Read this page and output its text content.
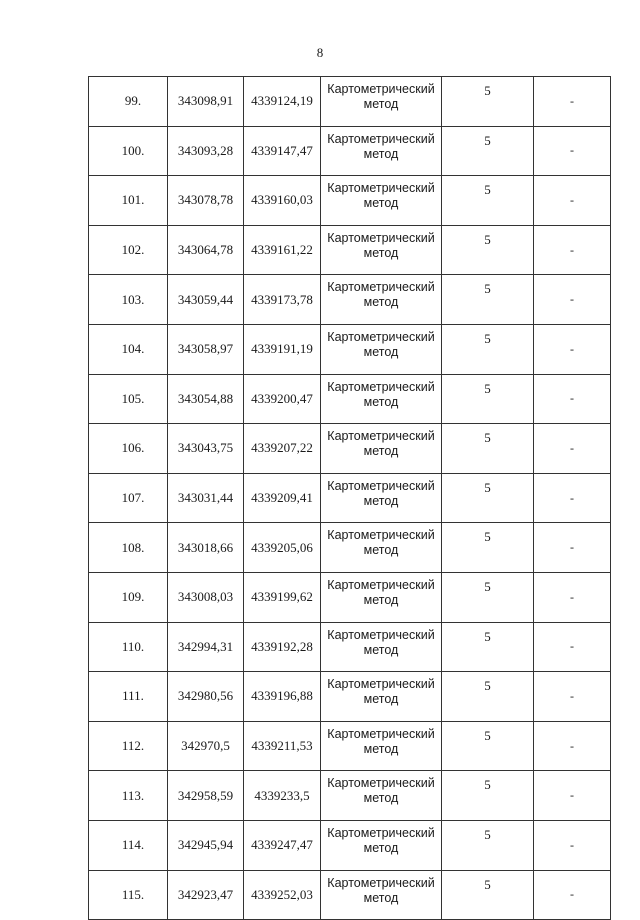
8
99.	343098,91	4339124,19	Картометрический метод	5	-
100.	343093,28	4339147,47	Картометрический метод	5	-
101.	343078,78	4339160,03	Картометрический метод	5	-
102.	343064,78	4339161,22	Картометрический метод	5	-
103.	343059,44	4339173,78	Картометрический метод	5	-
104.	343058,97	4339191,19	Картометрический метод	5	-
105.	343054,88	4339200,47	Картометрический метод	5	-
106.	343043,75	4339207,22	Картометрический метод	5	-
107.	343031,44	4339209,41	Картометрический метод	5	-
108.	343018,66	4339205,06	Картометрический метод	5	-
109.	343008,03	4339199,62	Картометрический метод	5	-
110.	342994,31	4339192,28	Картометрический метод	5	-
111.	342980,56	4339196,88	Картометрический метод	5	-
112.	342970,5	4339211,53	Картометрический метод	5	-
113.	342958,59	4339233,5	Картометрический метод	5	-
114.	342945,94	4339247,47	Картометрический метод	5	-
115.	342923,47	4339252,03	Картометрический метод	5	-
